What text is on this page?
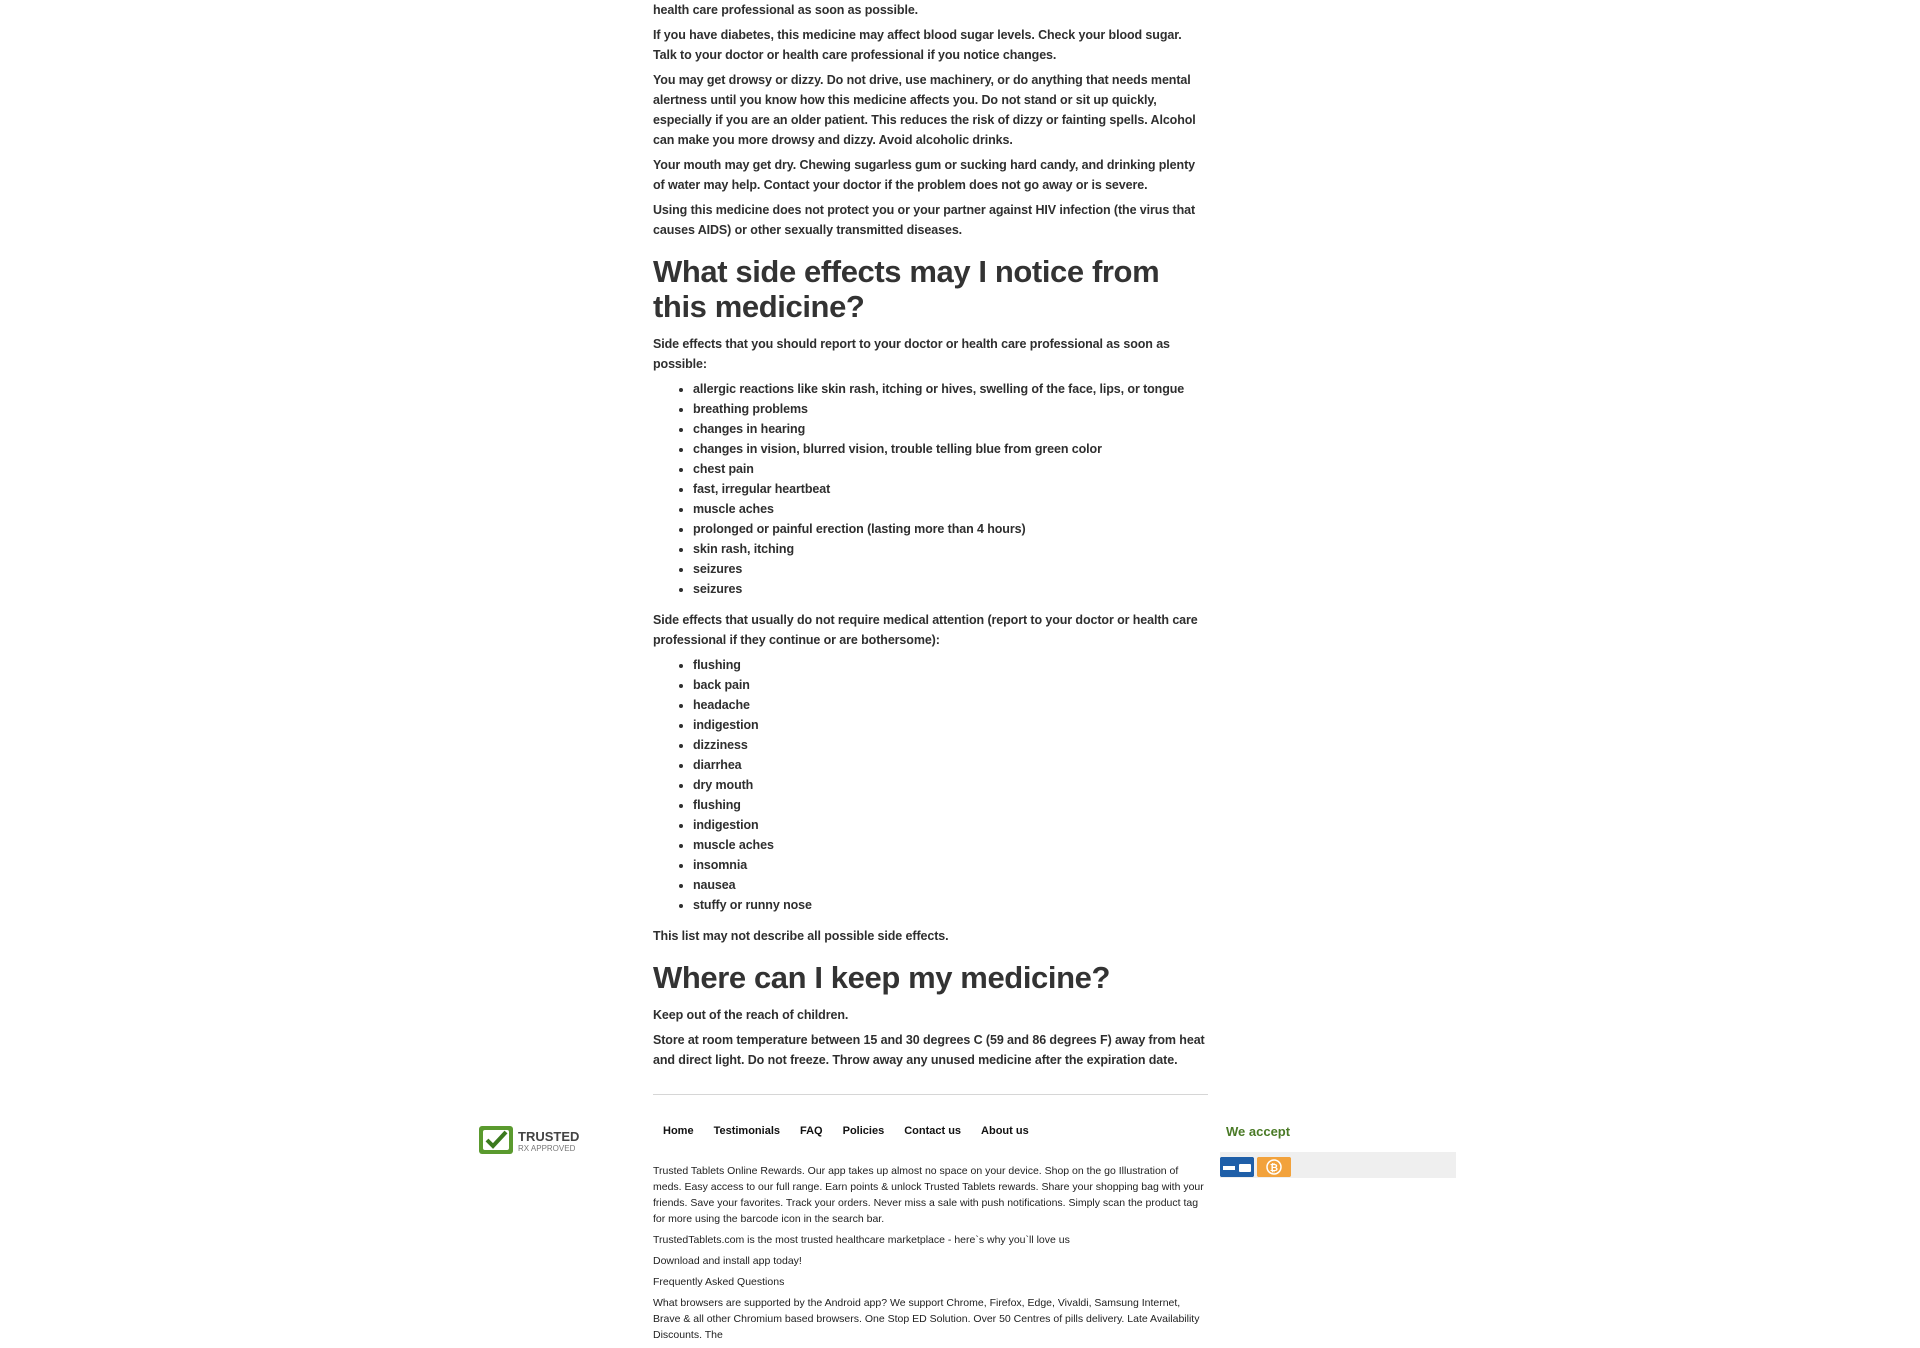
health care professional as soon as possible.

If you have diabetes, this medicine may affect blood sugar levels. Check your blood sugar. Talk to your doctor or health care professional if you notice changes.

You may get drowsy or dizzy. Do not drive, use machinery, or do anything that needs mental alertness until you know how this medicine affects you. Do not stand or sit up quickly, especially if you are an older patient. This reduces the risk of dizzy or fainting spells. Alcohol can make you more drowsy and dizzy. Avoid alcoholic drinks.

Your mouth may get dry. Chewing sugarless gum or sucking hard candy, and drinking plenty of water may help. Contact your doctor if the problem does not go away or is severe.

Using this medicine does not protect you or your partner against HIV infection (the virus that causes AIDS) or other sexually transmitted diseases.

What side effects may I notice from this medicine?

Side effects that you should report to your doctor or health care professional as soon as possible:

• allergic reactions like skin rash, itching or hives, swelling of the face, lips, or tongue
• breathing problems
• changes in hearing
• changes in vision, blurred vision, trouble telling blue from green color
• chest pain
• fast, irregular heartbeat
• muscle aches
• prolonged or painful erection (lasting more than 4 hours)
• skin rash, itching
• seizures
• seizures

Side effects that usually do not require medical attention (report to your doctor or health care professional if they continue or are bothersome):

• flushing
• back pain
• headache
• indigestion
• dizziness
• diarrhea
• dry mouth
• flushing
• indigestion
• muscle aches
• insomnia
• nausea
• stuffy or runny nose

This list may not describe all possible side effects.

Where can I keep my medicine?

Keep out of the reach of children.

Store at room temperature between 15 and 30 degrees C (59 and 86 degrees F) away from heat and direct light. Do not freeze. Throw away any unused medicine after the expiration date.

TRUSTED
RX APPROVED
Home	Testimonials	FAQ	Policies	Contact us	About us

Trusted Tablets Online Rewards. Our app takes up almost no space on your device. Shop on the go Illustration of meds. Easy access to our full range. Earn points & unlock Trusted Tablets rewards. Share your shopping bag with your friends. Save your favorites. Track your orders. Never miss a sale with push notifications. Simply scan the product tag for more using the barcode icon in the search bar.

TrustedTablets.com is the most trusted healthcare marketplace - here`s why you`ll love us

Download and install app today!

Frequently Asked Questions

What browsers are supported by the Android app? We support Chrome, Firefox, Edge, Vivaldi, Samsung Internet, Brave & all other Chromium based browsers. One Stop ED Solution. Over 50 Centres of pills delivery. Late Availability Discounts. The

We accept
₿
